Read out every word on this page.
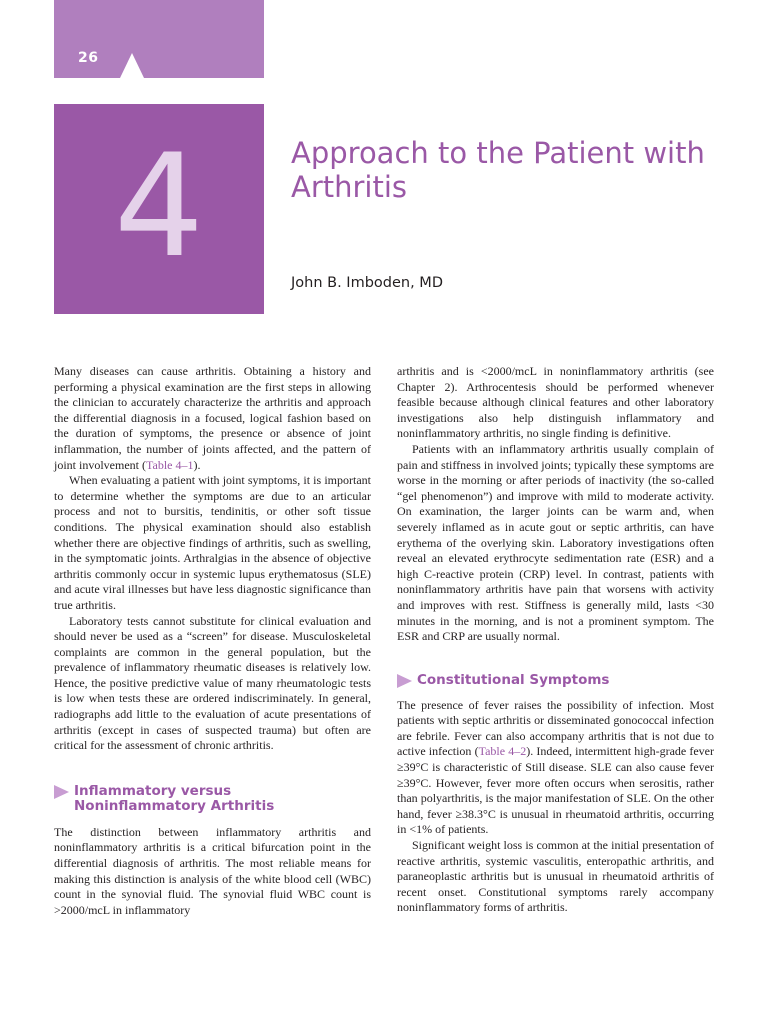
26
4	Approach to the Patient with Arthritis
John B. Imboden, MD

Many diseases can cause arthritis. Obtaining a history and performing a physical examination are the first steps in allowing the clinician to accurately characterize the arthritis and approach the differential diagnosis in a focused, logical fashion based on the duration of symptoms, the presence or absence of joint inflammation, the number of joints affected, and the pattern of joint involvement (Table 4–1).

When evaluating a patient with joint symptoms, it is important to determine whether the symptoms are due to an articular process and not to bursitis, tendinitis, or other soft tissue conditions. The physical examination should also establish whether there are objective findings of arthritis, such as swelling, in the symptomatic joints. Arthralgias in the absence of objective arthritis commonly occur in systemic lupus erythematosus (SLE) and acute viral illnesses but have less diagnostic significance than true arthritis.

Laboratory tests cannot substitute for clinical evaluation and should never be used as a “screen” for disease. Musculoskeletal complaints are common in the general population, but the prevalence of inflammatory rheumatic diseases is relatively low. Hence, the positive predictive value of many rheumatologic tests is low when tests these are ordered indiscriminately. In general, radiographs add little to the evaluation of acute presentations of arthritis (except in cases of suspected trauma) but often are critical for the assessment of chronic arthritis.

Inflammatory versus
Noninflammatory Arthritis

The distinction between inflammatory arthritis and noninflammatory arthritis is a critical bifurcation point in the differential diagnosis of arthritis. The most reliable means for making this distinction is analysis of the white blood cell (WBC) count in the synovial fluid. The synovial fluid WBC count is >2000/mcL in inflammatory

arthritis and is <2000/mcL in noninflammatory arthritis (see Chapter 2). Arthrocentesis should be performed whenever feasible because although clinical features and other laboratory investigations also help distinguish inflammatory and noninflammatory arthritis, no single finding is definitive.

Patients with an inflammatory arthritis usually complain of pain and stiffness in involved joints; typically these symptoms are worse in the morning or after periods of inactivity (the so-called “gel phenomenon”) and improve with mild to moderate activity. On examination, the larger joints can be warm and, when severely inflamed as in acute gout or septic arthritis, can have erythema of the overlying skin. Laboratory investigations often reveal an elevated erythrocyte sedimentation rate (ESR) and a high C-reactive protein (CRP) level. In contrast, patients with noninflammatory arthritis have pain that worsens with activity and improves with rest. Stiffness is generally mild, lasts <30 minutes in the morning, and is not a prominent symptom. The ESR and CRP are usually normal.

Constitutional Symptoms

The presence of fever raises the possibility of infection. Most patients with septic arthritis or disseminated gonococcal infection are febrile. Fever can also accompany arthritis that is not due to active infection (Table 4–2). Indeed, intermittent high-grade fever ≥39°C is characteristic of Still disease. SLE can also cause fever ≥39°C. However, fever more often occurs when serositis, rather than polyarthritis, is the major manifestation of SLE. On the other hand, fever ≥38.3°C is unusual in rheumatoid arthritis, occurring in <1% of patients.

Significant weight loss is common at the initial presentation of reactive arthritis, systemic vasculitis, enteropathic arthritis, and paraneoplastic arthritis but is unusual in rheumatoid arthritis of recent onset. Constitutional symptoms rarely accompany noninflammatory forms of arthritis.
